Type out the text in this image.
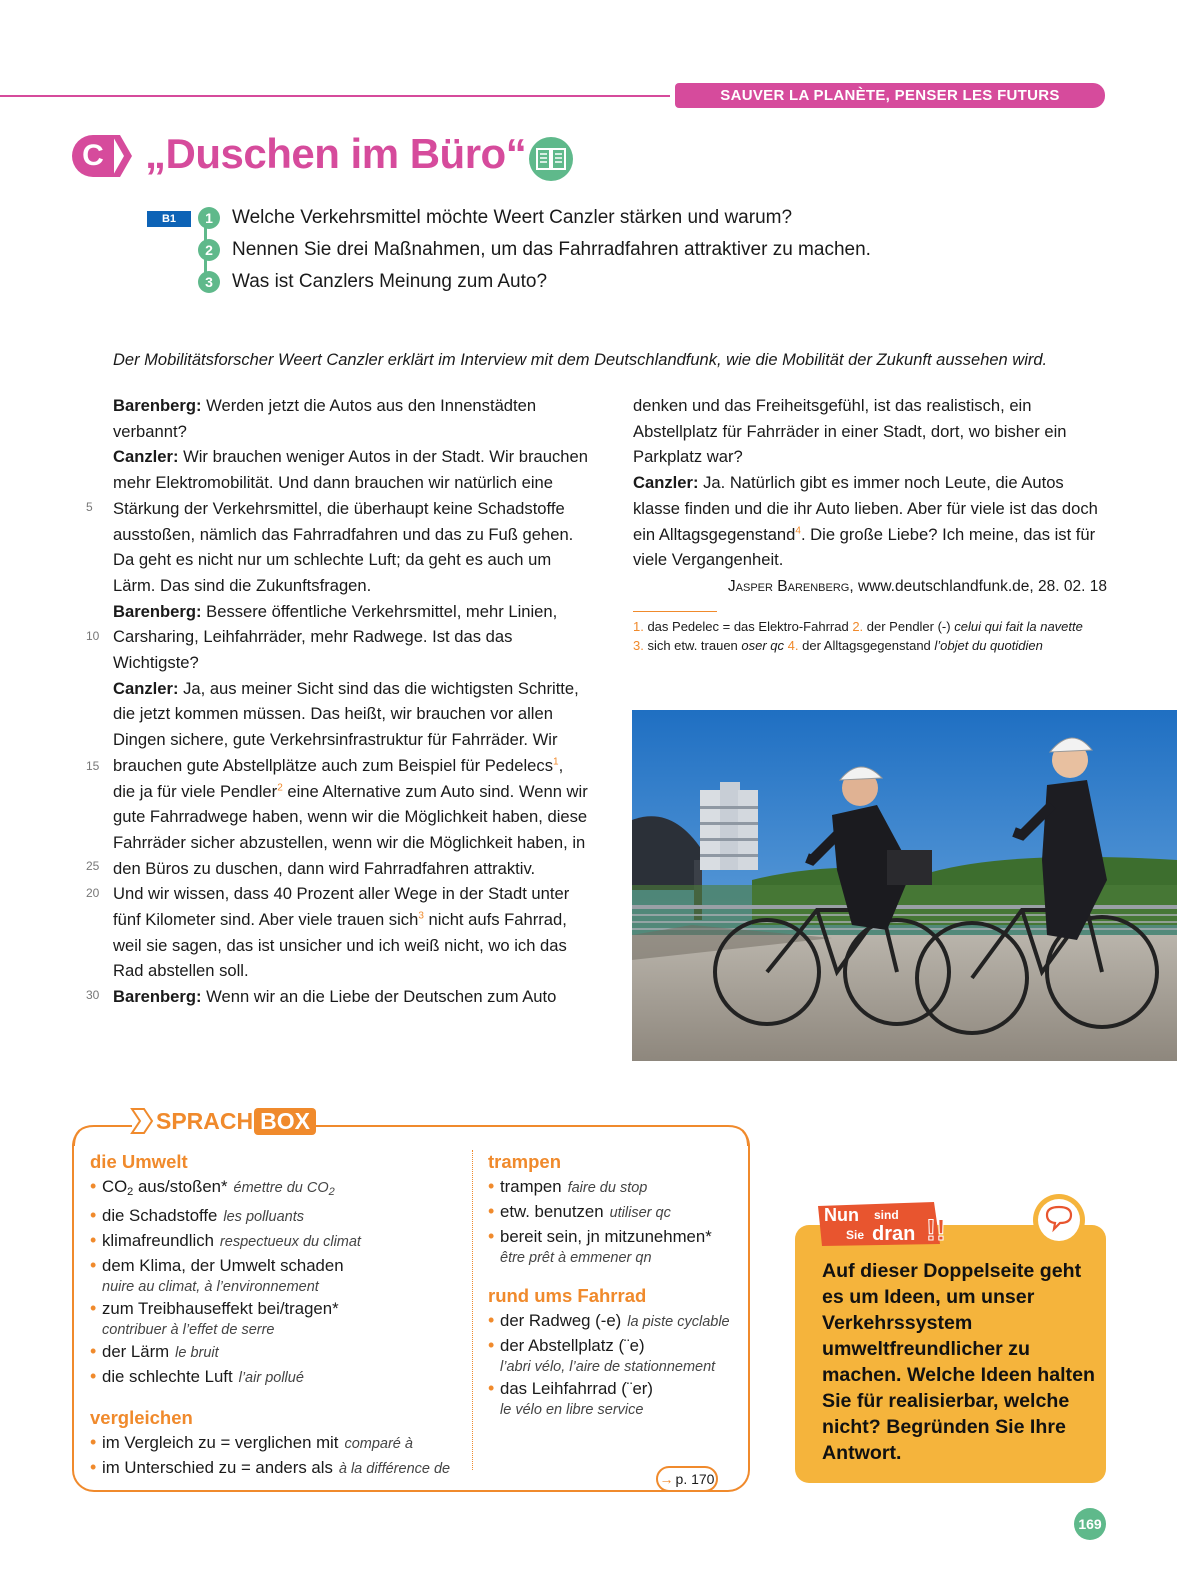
SAUVER LA PLANÈTE, PENSER LES FUTURS POSSIBLES
C „Duschen im Büro“
B1	1	Welche Verkehrsmittel möchte Weert Canzler stärken und warum?
2	Nennen Sie drei Maßnahmen, um das Fahrradfahren attraktiver zu machen.
3	Was ist Canzlers Meinung zum Auto?
Der Mobilitätsforscher Weert Canzler erklärt im Interview mit dem Deutschlandfunk, wie die Mobilität der Zukunft aussehen wird.
5
10
15
25
20
30

Barenberg: Werden jetzt die Autos aus den Innenstädten verbannt?

Canzler: Wir brauchen weniger Autos in der Stadt. Wir brauchen mehr Elektromobilität. Und dann brauchen wir natürlich eine Stärkung der Verkehrsmittel, die überhaupt keine Schadstoffe ausstoßen, nämlich das Fahrradfahren und das zu Fuß gehen. Da geht es nicht nur um schlechte Luft; da geht es auch um Lärm. Das sind die Zukunftsfragen.

Barenberg: Bessere öffentliche Verkehrsmittel, mehr Linien, Carsharing, Leihfahrräder, mehr Radwege. Ist das das Wichtigste?

Canzler: Ja, aus meiner Sicht sind das die wichtigsten Schritte, die jetzt kommen müssen. Das heißt, wir brauchen vor allen Dingen sichere, gute Verkehrsinfrastruktur für Fahrräder. Wir brauchen gute Abstellplätze auch zum Beispiel für Pedelecs$^1$, die ja für viele Pendler$^2$ eine Alternative zum Auto sind. Wenn wir gute Fahrradwege haben, wenn wir die Möglichkeit haben, diese Fahrräder sicher abzustellen, wenn wir die Möglichkeit haben, in den Büros zu duschen, dann wird Fahrradfahren attraktiv.

Und wir wissen, dass 40 Prozent aller Wege in der Stadt unter fünf Kilometer sind. Aber viele trauen sich$^3$ nicht aufs Fahrrad, weil sie sagen, das ist unsicher und ich weiß nicht, wo ich das Rad abstellen soll.

Barenberg: Wenn wir an die Liebe der Deutschen zum Auto

denken und das Freiheitsgefühl, ist das realistisch, ein Abstellplatz für Fahrräder in einer Stadt, dort, wo bisher ein Parkplatz war?

Canzler: Ja. Natürlich gibt es immer noch Leute, die Autos klasse finden und die ihr Auto lieben. Aber für viele ist das doch ein Alltagsgegenstand$^4$. Die große Liebe? Ich meine, das ist für viele Vergangenheit.

Jasper Barenberg, www.deutschlandfunk.de, 28. 02. 18
1. das Pedelec = das Elektro-Fahrrad 2. der Pendler (-) celui qui fait la navette
3. sich etw. trauen oser qc 4. der Alltagsgegenstand l’objet du quotidien
SPRACH BOX
die Umwelt
• CO2 aus/stoßen* émettre du $CO_2$
• die Schadstoffe les polluants
• klimafreundlich respectueux du climat
• dem Klima, der Umwelt schaden
nuire au climat, à l’environnement
• zum Treibhauseffekt bei/tragen*
contribuer à l’effet de serre
• der Lärm le bruit
• die schlechte Luft l’air pollué
vergleichen
• im Vergleich zu = verglichen mit comparé à
• im Unterschied zu = anders als à la différence de
trampen
• trampen faire du stop
• etw. benutzen utiliser qc
• bereit sein, jn mitzunehmen*
être prêt à emmener qn
rund ums Fahrrad
• der Radweg (-e) la piste cyclable
• der Abstellplatz (¨e)
l’abri vélo, l’aire de stationnement
• das Leihfahrrad (¨er)
le vélo en libre service
→ p. 170
Nun sind
Sie dran !!
Auf dieser Doppelseite geht es um Ideen, um unser Verkehrssystem umweltfreundlicher zu machen. Welche Ideen halten Sie für realisierbar, welche nicht? Begründen Sie Ihre Antwort.
169
